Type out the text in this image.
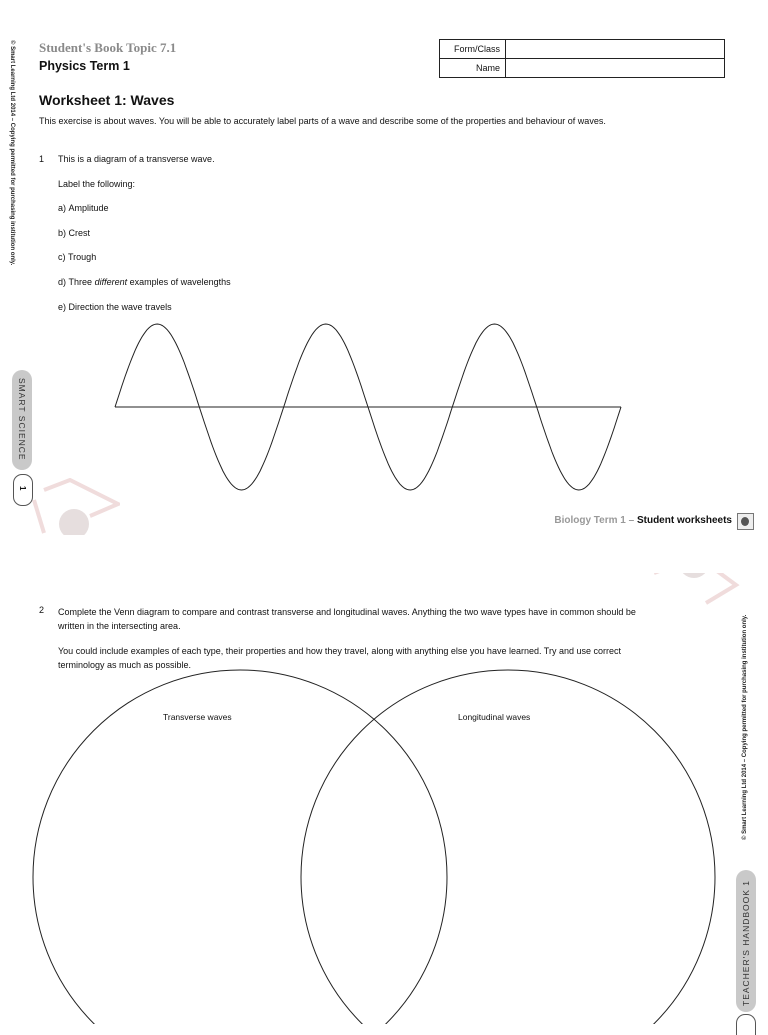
Student's Book Topic 7.1
Physics Term 1
Form/Class	
Name	
Worksheet 1: Waves
This exercise is about waves. You will be able to accurately label parts of a wave and describe some of the properties and behaviour of waves.
1 This is a diagram of a transverse wave.
Label the following:
a) Amplitude
b) Crest
c) Trough
d) Three different examples of wavelengths
e) Direction the wave travels
Biology Term 1 – Student worksheets
2 Complete the Venn diagram to compare and contrast transverse and longitudinal waves. Anything the two wave types have in common should be written in the intersecting area.
You could include examples of each type, their properties and how they travel, along with anything else you have learned. Try and use correct terminology as much as possible.
Transverse waves	Longitudinal waves
© Smart Learning Ltd 2014 – Copying permitted for purchasing institution only.
SMART SCIENCE
1
© Smart Learning Ltd 2014 – Copying permitted for purchasing institution only.
TEACHER'S HANDBOOK 1
